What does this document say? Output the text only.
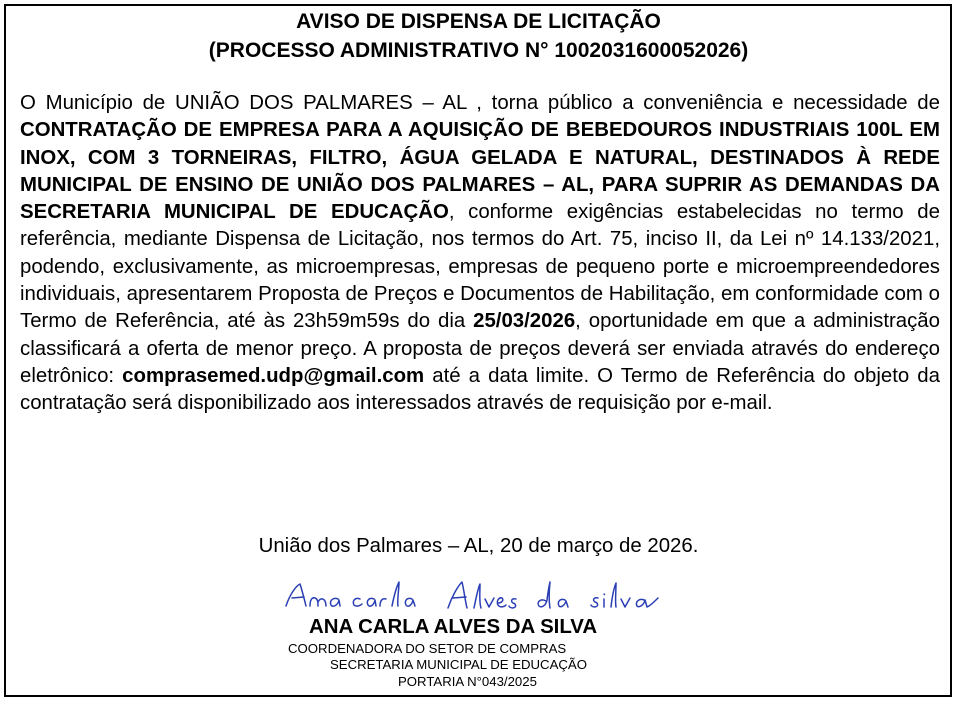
AVISO DE DISPENSA DE LICITAÇÃO
(PROCESSO ADMINISTRATIVO N° 1002031600052026)

O Município de UNIÃO DOS PALMARES – AL , torna público a conveniência e necessidade de CONTRATAÇÃO DE EMPRESA PARA A AQUISIÇÃO DE BEBEDOUROS INDUSTRIAIS 100L EM INOX, COM 3 TORNEIRAS, FILTRO, ÁGUA GELADA E NATURAL, DESTINADOS À REDE MUNICIPAL DE ENSINO DE UNIÃO DOS PALMARES – AL, PARA SUPRIR AS DEMANDAS DA SECRETARIA MUNICIPAL DE EDUCAÇÃO, conforme exigências estabelecidas no termo de referência, mediante Dispensa de Licitação, nos termos do Art. 75, inciso II, da Lei nº 14.133/2021, podendo, exclusivamente, as microempresas, empresas de pequeno porte e microempreendedores individuais, apresentarem Proposta de Preços e Documentos de Habilitação, em conformidade com o Termo de Referência, até às 23h59m59s do dia 25/03/2026, oportunidade em que a administração classificará a oferta de menor preço. A proposta de preços deverá ser enviada através do endereço eletrônico: comprasemed.udp@gmail.com até a data limite. O Termo de Referência do objeto da contratação será disponibilizado aos interessados através de requisição por e-mail.

União dos Palmares – AL, 20 de março de 2026.
ANA CARLA ALVES DA SILVA
COORDENADORA DO SETOR DE COMPRAS
SECRETARIA MUNICIPAL DE EDUCAÇÃO
PORTARIA N°043/2025
